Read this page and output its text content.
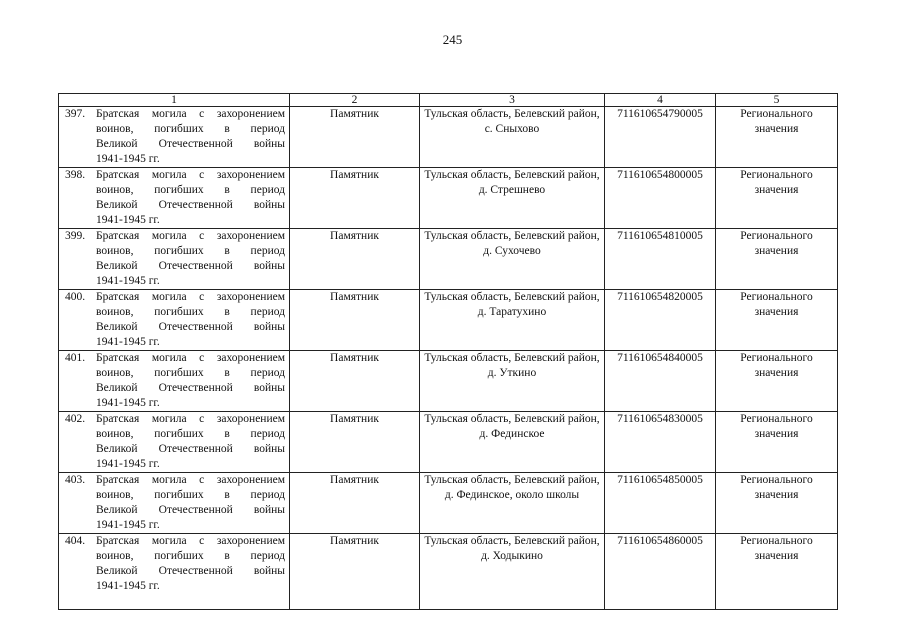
245
1	2	3	4	5

397. Братская могила с захоронением
воинов, погибших в период
Великой Отечественной войны
1941-1945 гг.	Памятник	Тульская область, Белевский район, с. Сныхово	711610654790005	Регионального значения

398. Братская могила с захоронением
воинов, погибших в период
Великой Отечественной войны
1941-1945 гг.	Памятник	Тульская область, Белевский район, д. Стрешнево	711610654800005	Регионального значения

399. Братская могила с захоронением
воинов, погибших в период
Великой Отечественной войны
1941-1945 гг.	Памятник	Тульская область, Белевский район, д. Сухочево	711610654810005	Регионального значения

400. Братская могила с захоронением
воинов, погибших в период
Великой Отечественной войны
1941-1945 гг.	Памятник	Тульская область, Белевский район, д. Таратухино	711610654820005	Регионального значения

401. Братская могила с захоронением
воинов, погибших в период
Великой Отечественной войны
1941-1945 гг.	Памятник	Тульская область, Белевский район, д. Уткино	711610654840005	Регионального значения

402. Братская могила с захоронением
воинов, погибших в период
Великой Отечественной войны
1941-1945 гг.	Памятник	Тульская область, Белевский район, д. Фединское	711610654830005	Регионального значения

403. Братская могила с захоронением
воинов, погибших в период
Великой Отечественной войны
1941-1945 гг.	Памятник	Тульская область, Белевский район, д. Фединское, около школы	711610654850005	Регионального значения

404. Братская могила с захоронением
воинов, погибших в период
Великой Отечественной войны
1941-1945 гг.	Памятник	Тульская область, Белевский район, д. Ходыкино	711610654860005	Регионального значения
